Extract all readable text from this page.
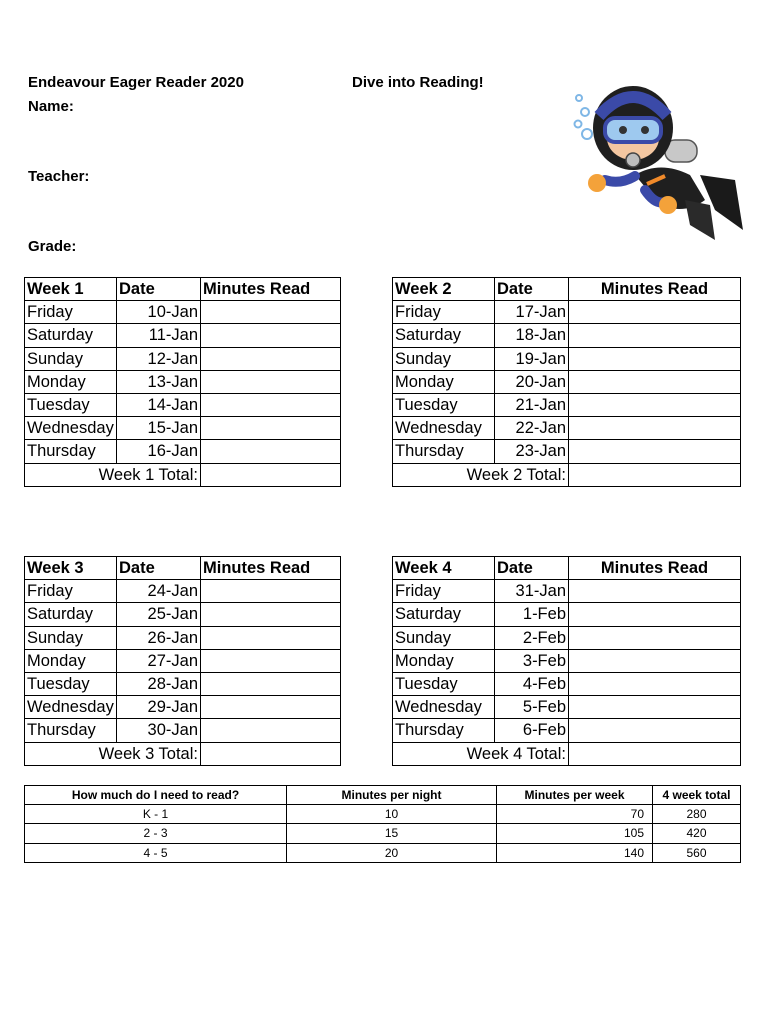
Endeavour Eager Reader 2020	Dive into Reading!
Name:
Teacher:
Grade:
Week 1	Date	Minutes Read
Friday	10-Jan	
Saturday	11-Jan	
Sunday	12-Jan	
Monday	13-Jan	
Tuesday	14-Jan	
Wednesday	15-Jan	
Thursday	16-Jan	
Week 1 Total:		
Week 2	Date	Minutes Read
Friday	17-Jan	
Saturday	18-Jan	
Sunday	19-Jan	
Monday	20-Jan	
Tuesday	21-Jan	
Wednesday	22-Jan	
Thursday	23-Jan	
Week 2 Total:		
Week 3	Date	Minutes Read
Friday	24-Jan	
Saturday	25-Jan	
Sunday	26-Jan	
Monday	27-Jan	
Tuesday	28-Jan	
Wednesday	29-Jan	
Thursday	30-Jan	
Week 3 Total:		
Week 4	Date	Minutes Read
Friday	31-Jan	
Saturday	1-Feb	
Sunday	2-Feb	
Monday	3-Feb	
Tuesday	4-Feb	
Wednesday	5-Feb	
Thursday	6-Feb	
Week 4 Total:		
How much do I need to read?	Minutes per night	Minutes per week	4 week total
K - 1	10	70	280
2 - 3	15	105	420
4 - 5	20	140	560
